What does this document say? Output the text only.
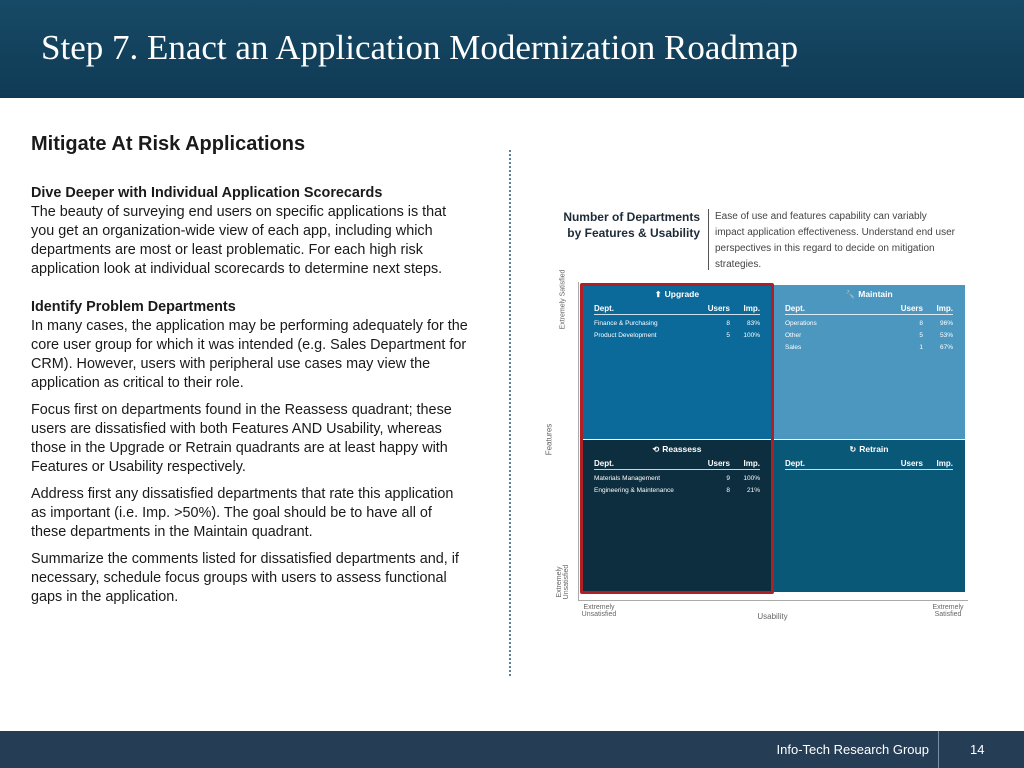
Step 7. Enact an Application Modernization Roadmap
Mitigate At Risk Applications
Dive Deeper with Individual Application Scorecards
The beauty of surveying end users on specific applications is that you get an organization-wide view of each app, including which departments are most or least problematic. For each high risk application look at individual scorecards to determine next steps.
Identify Problem Departments
In many cases, the application may be performing adequately for the core user group for which it was intended (e.g. Sales Department for CRM). However, users with peripheral use cases may view the application as critical to their role.
Focus first on departments found in the Reassess quadrant; these users are dissatisfied with both Features AND Usability, whereas those in the Upgrade or Retrain quadrants are at least happy with Features or Usability respectively.
Address first any dissatisfied departments that rate this application as important (i.e. Imp. >50%). The goal should be to have all of these departments in the Maintain quadrant.
Summarize the comments listed for dissatisfied departments and, if necessary, schedule focus groups with users to assess functional gaps in the application.
Number of Departments by Features & Usability
Ease of use and features capability can variably impact application effectiveness. Understand end user perspectives in this regard to decide on mitigation strategies.
Extremely Satisfied
Features
Extremely Unsatisfied
Extremely Unsatisfied	Usability
Extremely Satisfied
⬆ Upgrade
Dept.	Users	Imp.
Finance & Purchasing	8	83%
Product Development	5	100%
🔧 Maintain
Dept.	Users	Imp.
Operations	8	96%
Other	5	53%
Sales	1	67%
⟲ Reassess
Dept.	Users	Imp.
Materials Management	9	100%
Engineering & Maintenance	8	21%
↻ Retrain
Dept.	Users	Imp.
Info-Tech Research Group	14
